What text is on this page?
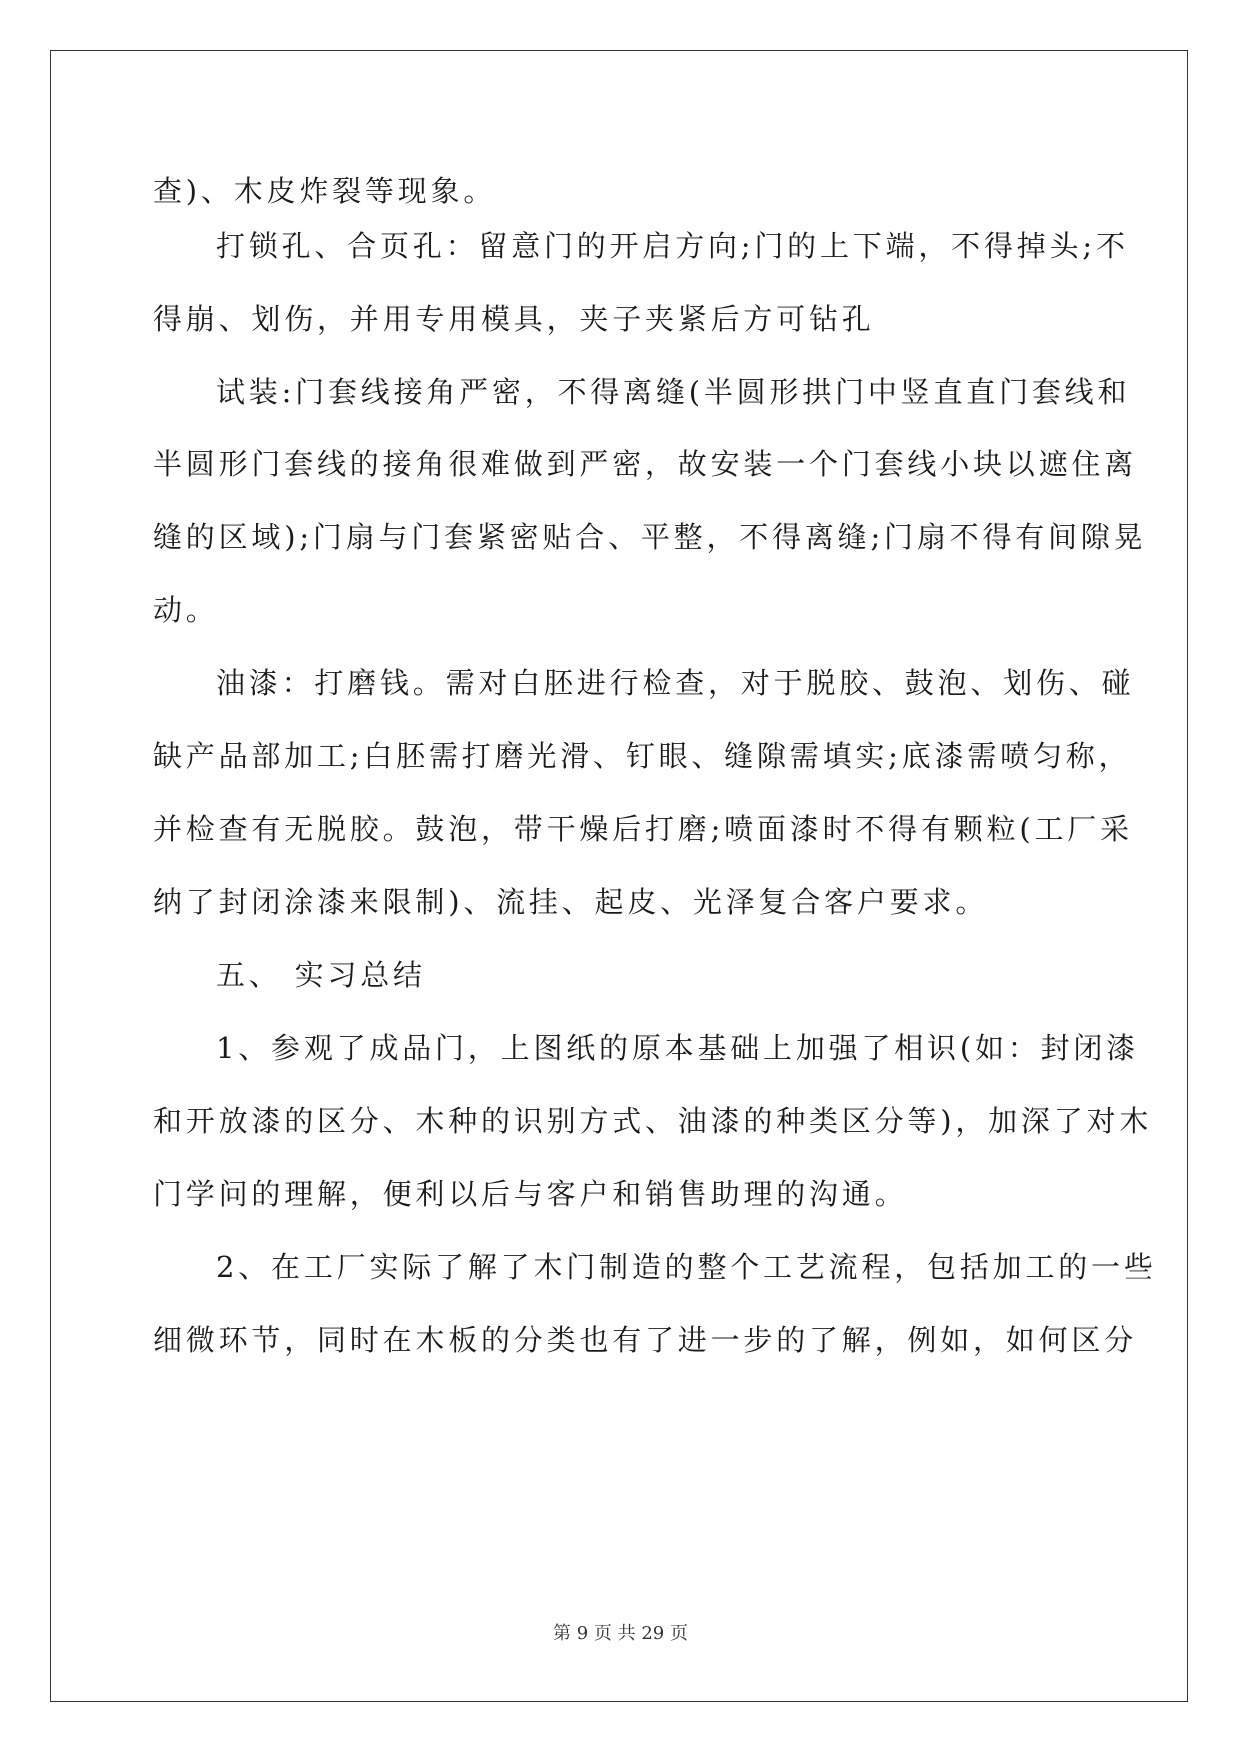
查)、木皮炸裂等现象。
打锁孔、合页孔：留意门的开启方向;门的上下端，不得掉头;不
得崩、划伤，并用专用模具，夹子夹紧后方可钻孔
试装:门套线接角严密，不得离缝(半圆形拱门中竖直直门套线和
半圆形门套线的接角很难做到严密，故安装一个门套线小块以遮住离
缝的区域);门扇与门套紧密贴合、平整，不得离缝;门扇不得有间隙晃
动。
油漆：打磨钱。需对白胚进行检查，对于脱胶、鼓泡、划伤、碰
缺产品部加工;白胚需打磨光滑、钉眼、缝隙需填实;底漆需喷匀称，
并检查有无脱胶。鼓泡，带干燥后打磨;喷面漆时不得有颗粒(工厂采
纳了封闭涂漆来限制)、流挂、起皮、光泽复合客户要求。
五、 实习总结
1、参观了成品门，上图纸的原本基础上加强了相识(如：封闭漆
和开放漆的区分、木种的识别方式、油漆的种类区分等)，加深了对木
门学问的理解，便利以后与客户和销售助理的沟通。
2、在工厂实际了解了木门制造的整个工艺流程，包括加工的一些
细微环节，同时在木板的分类也有了进一步的了解，例如，如何区分
第 9 页 共 29 页
